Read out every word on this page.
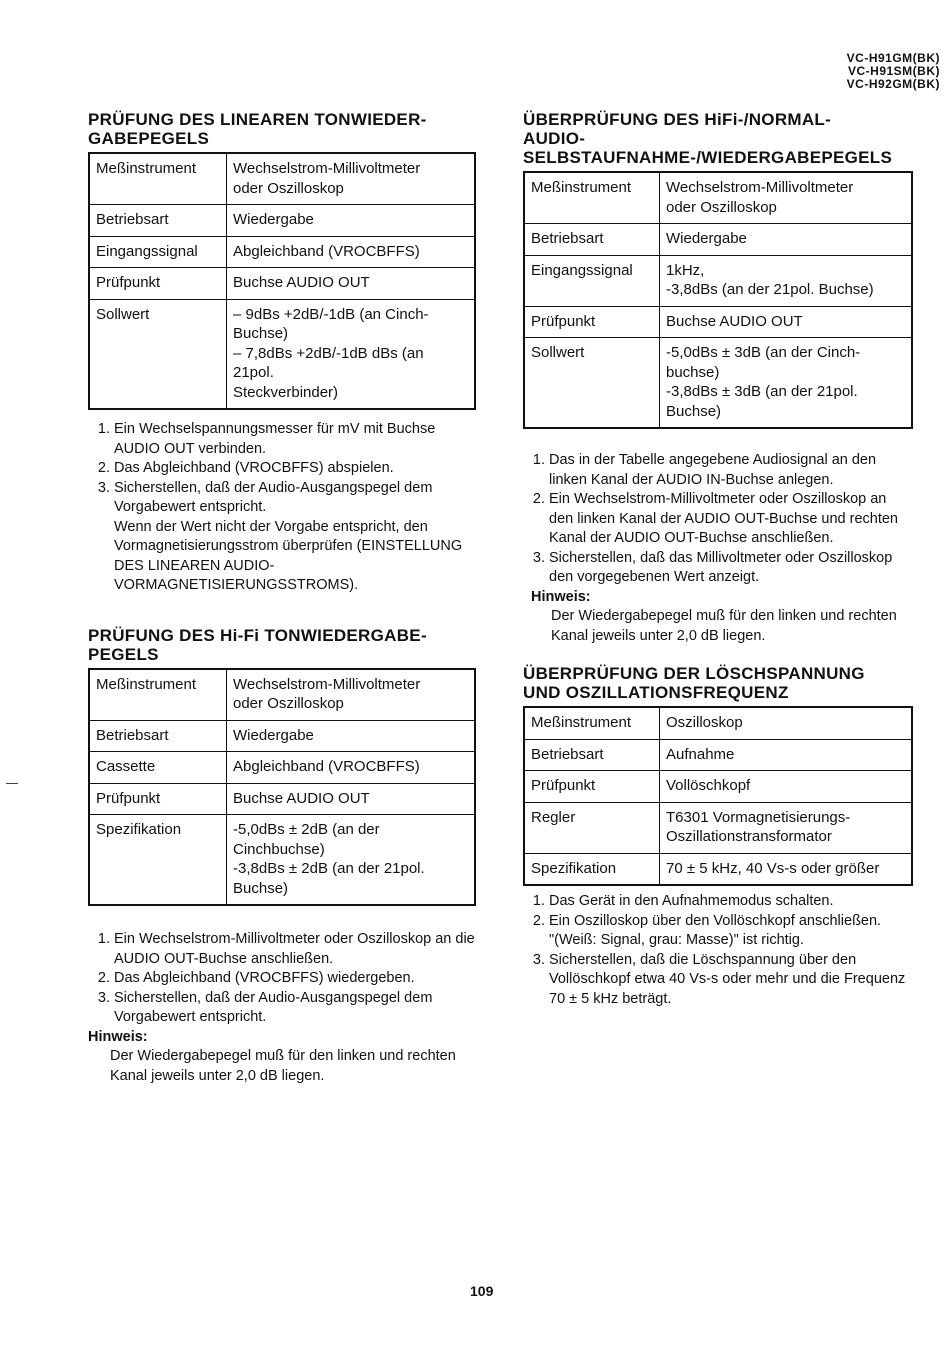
VC-H91GM(BK)
VC-H91SM(BK)
VC-H92GM(BK)
PRÜFUNG DES LINEAREN TONWIEDER-
GABEPEGELS
Meßinstrument	Wechselstrom-Millivoltmeter
oder Oszilloskop
Betriebsart	Wiedergabe
Eingangssignal	Abgleichband (VROCBFFS)
Prüfpunkt	Buchse AUDIO OUT
Sollwert	– 9dBs +2dB/-1dB (an Cinch-Buchse)
– 7,8dBs +2dB/-1dB dBs (an 21pol.
Steckverbinder)
1. Ein Wechselspannungsmesser für mV mit Buchse AUDIO OUT verbinden.
2. Das Abgleichband (VROCBFFS) abspielen.
3. Sicherstellen, daß der Audio-Ausgangspegel dem Vorgabewert entspricht.
Wenn der Wert nicht der Vorgabe entspricht, den Vormagnetisierungsstrom überprüfen (EINSTELLUNG DES LINEAREN AUDIO-VORMAGNETISIERUNGSSTROMS).
PRÜFUNG DES Hi-Fi TONWIEDERGABE-
PEGELS
Meßinstrument	Wechselstrom-Millivoltmeter
oder Oszilloskop
Betriebsart	Wiedergabe
Cassette	Abgleichband (VROCBFFS)
Prüfpunkt	Buchse AUDIO OUT
Spezifikation	-5,0dBs ± 2dB (an der
Cinchbuchse)
-3,8dBs ± 2dB (an der 21pol.
Buchse)
1. Ein Wechselstrom-Millivoltmeter oder Oszilloskop an die AUDIO OUT-Buchse anschließen.
2. Das Abgleichband (VROCBFFS) wiedergeben.
3. Sicherstellen, daß der Audio-Ausgangspegel dem Vorgabewert entspricht.

Hinweis:

Der Wiedergabepegel muß für den linken und rechten Kanal jeweils unter 2,0 dB liegen.

ÜBERPRÜFUNG DES HiFi-/NORMAL-
AUDIO-
SELBSTAUFNAHME-/WIEDERGABEPEGELS
Meßinstrument	Wechselstrom-Millivoltmeter
oder Oszilloskop
Betriebsart	Wiedergabe
Eingangssignal	1kHz,
-3,8dBs (an der 21pol. Buchse)
Prüfpunkt	Buchse AUDIO OUT
Sollwert	-5,0dBs ± 3dB (an der Cinch-
buchse)
-3,8dBs ± 3dB (an der 21pol.
Buchse)
1. Das in der Tabelle angegebene Audiosignal an den linken Kanal der AUDIO IN-Buchse anlegen.
2. Ein Wechselstrom-Millivoltmeter oder Oszilloskop an den linken Kanal der AUDIO OUT-Buchse und rechten Kanal der AUDIO OUT-Buchse anschließen.
3. Sicherstellen, daß das Millivoltmeter oder Oszilloskop den vorgegebenen Wert anzeigt.

Hinweis:

Der Wiedergabepegel muß für den linken und rechten Kanal jeweils unter 2,0 dB liegen.

ÜBERPRÜFUNG DER LÖSCHSPANNUNG
UND OSZILLATIONSFREQUENZ
Meßinstrument	Oszilloskop
Betriebsart	Aufnahme
Prüfpunkt	Vollöschkopf
Regler	T6301 Vormagnetisierungs-
Oszillationstransformator
Spezifikation	70 ± 5 kHz, 40 Vs-s oder größer
1. Das Gerät in den Aufnahmemodus schalten.
2. Ein Oszilloskop über den Vollöschkopf anschließen.
"(Weiß: Signal, grau: Masse)" ist richtig.
3. Sicherstellen, daß die Löschspannung über den Vollöschkopf etwa 40 Vs-s oder mehr und die Frequenz 70 ± 5 kHz beträgt.
109
